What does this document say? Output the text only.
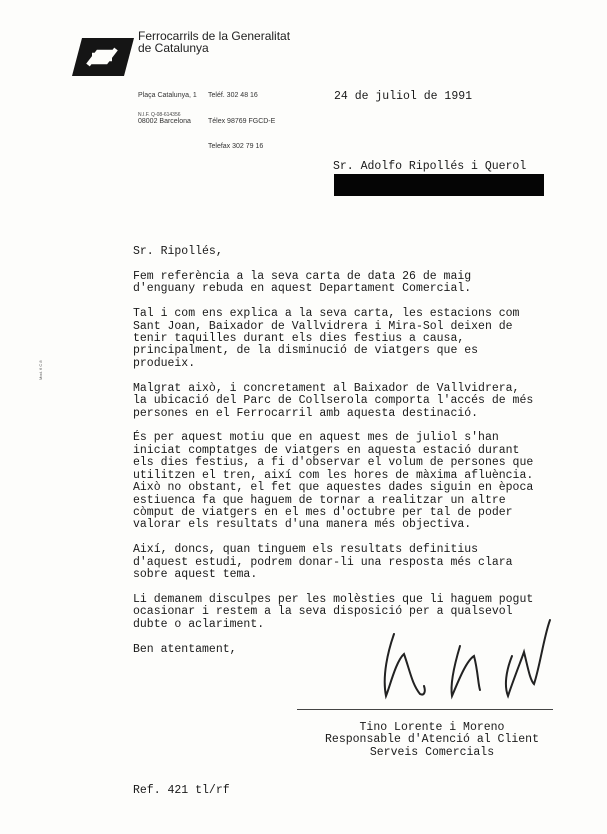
Ferrocarrils de la Generalitat
de Catalunya

Plaça Catalunya, 1

08002 Barcelona

Teléf. 302 48 16

Télex 98769 FGCD-E

Telefax 302 79 16

N.I.F. Q-08-614356
24 de juliol de 1991
Sr. Adolfo Ripollés i Querol
Mod. 6 C 8

Sr. Ripollés,

Fem referència a la seva carta de data 26 de maig
d'enguany rebuda en aquest Departament Comercial.

Tal i com ens explica a la seva carta, les estacions com
Sant Joan, Baixador de Vallvidrera i Mira-Sol deixen de
tenir taquilles durant els dies festius a causa,
principalment, de la disminució de viatgers que es
produeix.

Malgrat això, i concretament al Baixador de Vallvidrera,
la ubicació del Parc de Collserola comporta l'accés de més
persones en el Ferrocarril amb aquesta destinació.

És per aquest motiu que en aquest mes de juliol s'han
iniciat comptatges de viatgers en aquesta estació durant
els dies festius, a fi d'observar el volum de persones que
utilitzen el tren, així com les hores de màxima afluència.
Això no obstant, el fet que aquestes dades siguin en època
estiuenca fa que haguem de tornar a realitzar un altre
còmput de viatgers en el mes d'octubre per tal de poder
valorar els resultats d'una manera més objectiva.

Així, doncs, quan tinguem els resultats definitius
d'aquest estudi, podrem donar-li una resposta més clara
sobre aquest tema.

Li demanem disculpes per les molèsties que li haguem pogut
ocasionar i restem a la seva disposició per a qualsevol
dubte o aclariment.

Ben atentament,

Tino Lorente i Moreno
Responsable d'Atenció al Client
Serveis Comercials
Ref. 421 tl/rf
